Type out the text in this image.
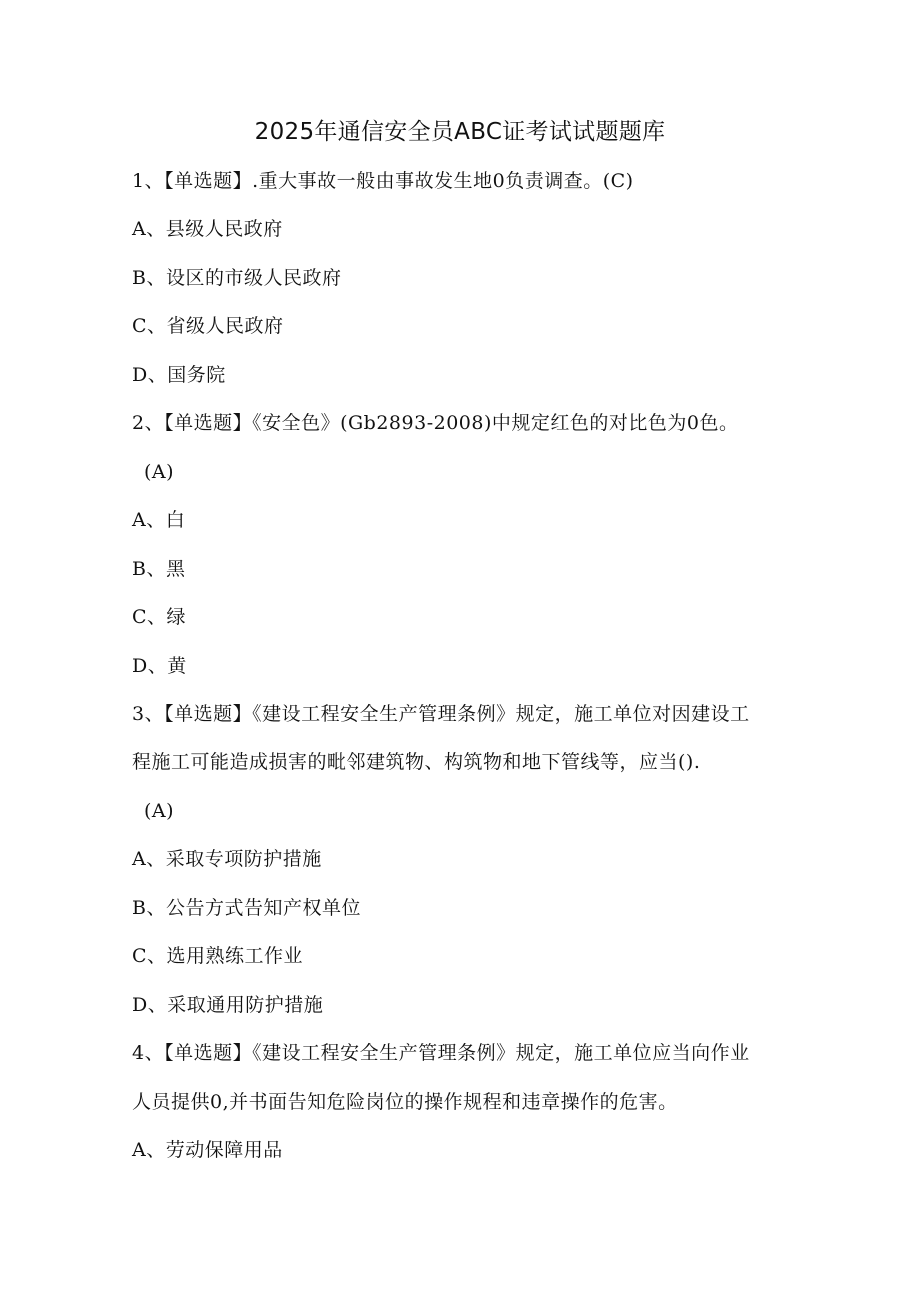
2025年通信安全员ABC证考试试题题库
1、【单选题】.重大事故一般由事故发生地0负责调查。(C)
A、县级人民政府
B、设区的市级人民政府
C、省级人民政府
D、国务院
2、【单选题】《安全色》(Gb2893-2008)中规定红色的对比色为0色。
(A)
A、白
B、黑
C、绿
D、黄
3、【单选题】《建设工程安全生产管理条例》规定，施工单位对因建设工
程施工可能造成损害的毗邻建筑物、构筑物和地下管线等，应当().
(A)
A、采取专项防护措施
B、公告方式告知产权单位
C、选用熟练工作业
D、采取通用防护措施
4、【单选题】《建设工程安全生产管理条例》规定，施工单位应当向作业
人员提供0,并书面告知危险岗位的操作规程和违章操作的危害。
A、劳动保障用品
